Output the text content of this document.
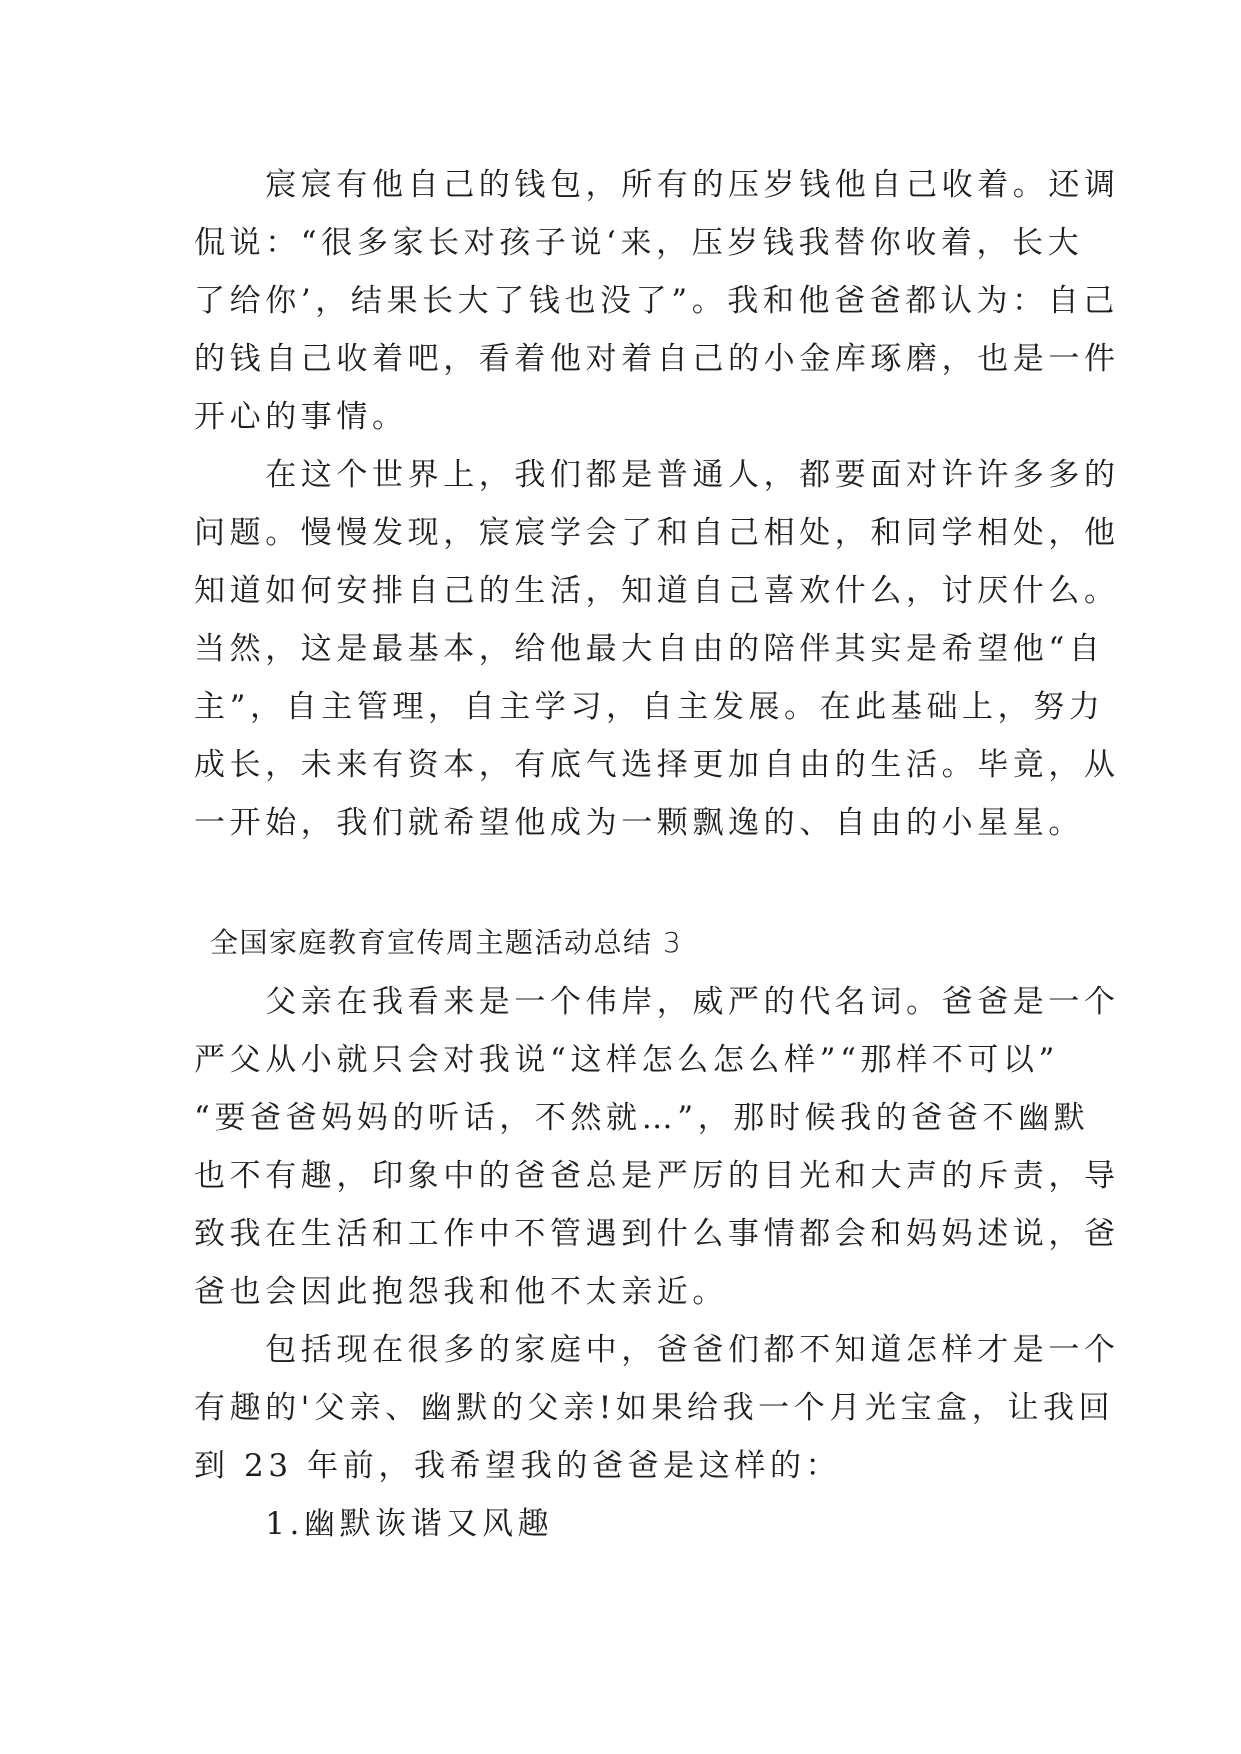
　　宸宸有他自己的钱包，所有的压岁钱他自己收着。还调
侃说：“很多家长对孩子说‘来，压岁钱我替你收着，长大
了给你’，结果长大了钱也没了”。我和他爸爸都认为：自己
的钱自己收着吧，看着他对着自己的小金库琢磨，也是一件
开心的事情。
　　在这个世界上，我们都是普通人，都要面对许许多多的
问题。慢慢发现，宸宸学会了和自己相处，和同学相处，他
知道如何安排自己的生活，知道自己喜欢什么，讨厌什么。
当然，这是最基本，给他最大自由的陪伴其实是希望他“自
主”，自主管理，自主学习，自主发展。在此基础上，努力
成长，未来有资本，有底气选择更加自由的生活。毕竟，从
一开始，我们就希望他成为一颗飘逸的、自由的小星星。
全国家庭教育宣传周主题活动总结 3
　　父亲在我看来是一个伟岸，威严的代名词。爸爸是一个
严父从小就只会对我说“这样怎么怎么样”“那样不可以”
“要爸爸妈妈的听话，不然就…”，那时候我的爸爸不幽默
也不有趣，印象中的爸爸总是严厉的目光和大声的斥责，导
致我在生活和工作中不管遇到什么事情都会和妈妈述说，爸
爸也会因此抱怨我和他不太亲近。
　　包括现在很多的家庭中，爸爸们都不知道怎样才是一个
有趣的'父亲、幽默的父亲!如果给我一个月光宝盒，让我回
到 23 年前，我希望我的爸爸是这样的：
　　1.幽默诙谐又风趣
